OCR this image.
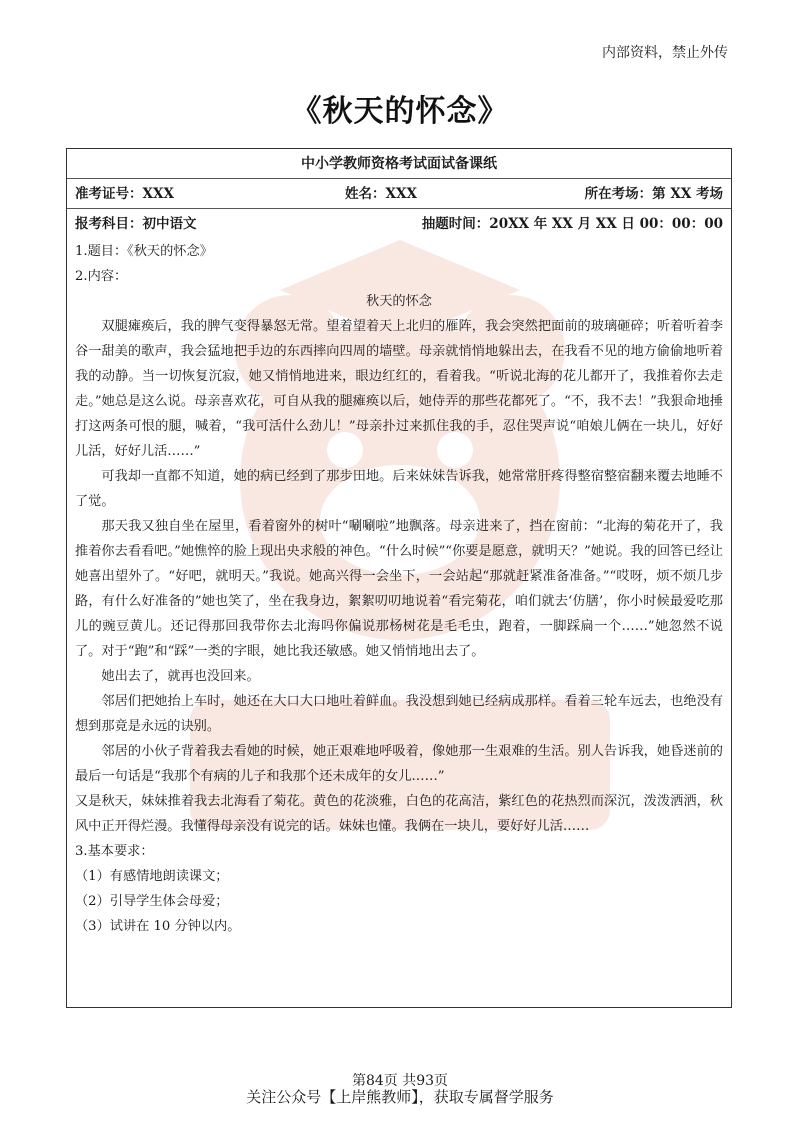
内部资料，禁止外传
《秋天的怀念》
中小学教师资格考试面试备课纸
准考证号：XXX	姓名：XXX	所在考场：第 XX 考场
报考科目：初中语文	抽题时间：20XX 年 XX 月 XX 日 00：00：00

1.题目：《秋天的怀念》

2.内容：

秋天的怀念

双腿瘫痪后，我的脾气变得暴怒无常。望着望着天上北归的雁阵，我会突然把面前的玻璃砸碎；听着听着李谷一甜美的歌声，我会猛地把手边的东西摔向四周的墙壁。母亲就悄悄地躲出去，在我看不见的地方偷偷地听着我的动静。当一切恢复沉寂，她又悄悄地进来，眼边红红的，看着我。“听说北海的花儿都开了，我推着你去走走。”她总是这么说。母亲喜欢花，可自从我的腿瘫痪以后，她侍弄的那些花都死了。“不，我不去！”我狠命地捶打这两条可恨的腿，喊着，“我可活什么劲儿！”母亲扑过来抓住我的手，忍住哭声说“咱娘儿俩在一块儿，好好儿活，好好儿活……”

可我却一直都不知道，她的病已经到了那步田地。后来妹妹告诉我，她常常肝疼得整宿整宿翻来覆去地睡不了觉。

那天我又独自坐在屋里，看着窗外的树叶“唰唰啦”地飘落。母亲进来了，挡在窗前：“北海的菊花开了，我推着你去看看吧。”她憔悴的脸上现出央求般的神色。“什么时候”“你要是愿意，就明天？”她说。我的回答已经让她喜出望外了。“好吧，就明天。”我说。她高兴得一会坐下，一会站起“那就赶紧准备准备。”“哎呀，烦不烦几步路，有什么好准备的”她也笑了，坐在我身边，絮絮叨叨地说着“看完菊花，咱们就去‘仿膳’，你小时候最爱吃那儿的豌豆黄儿。还记得那回我带你去北海吗你偏说那杨树花是毛毛虫，跑着，一脚踩扁一个……”她忽然不说了。对于“跑”和“踩”一类的字眼，她比我还敏感。她又悄悄地出去了。

她出去了，就再也没回来。

邻居们把她抬上车时，她还在大口大口地吐着鲜血。我没想到她已经病成那样。看着三轮车远去，也绝没有想到那竟是永远的诀别。

邻居的小伙子背着我去看她的时候，她正艰难地呼吸着，像她那一生艰难的生活。别人告诉我，她昏迷前的最后一句话是“我那个有病的儿子和我那个还未成年的女儿……”

又是秋天，妹妹推着我去北海看了菊花。黄色的花淡雅，白色的花高洁，紫红色的花热烈而深沉，泼泼洒洒，秋风中正开得烂漫。我懂得母亲没有说完的话。妹妹也懂。我俩在一块儿，要好好儿活……

3.基本要求：

（1）有感情地朗读课文；

（2）引导学生体会母爱；

（3）试讲在 10 分钟以内。

第84页 共93页
关注公众号【上岸熊教师】，获取专属督学服务
